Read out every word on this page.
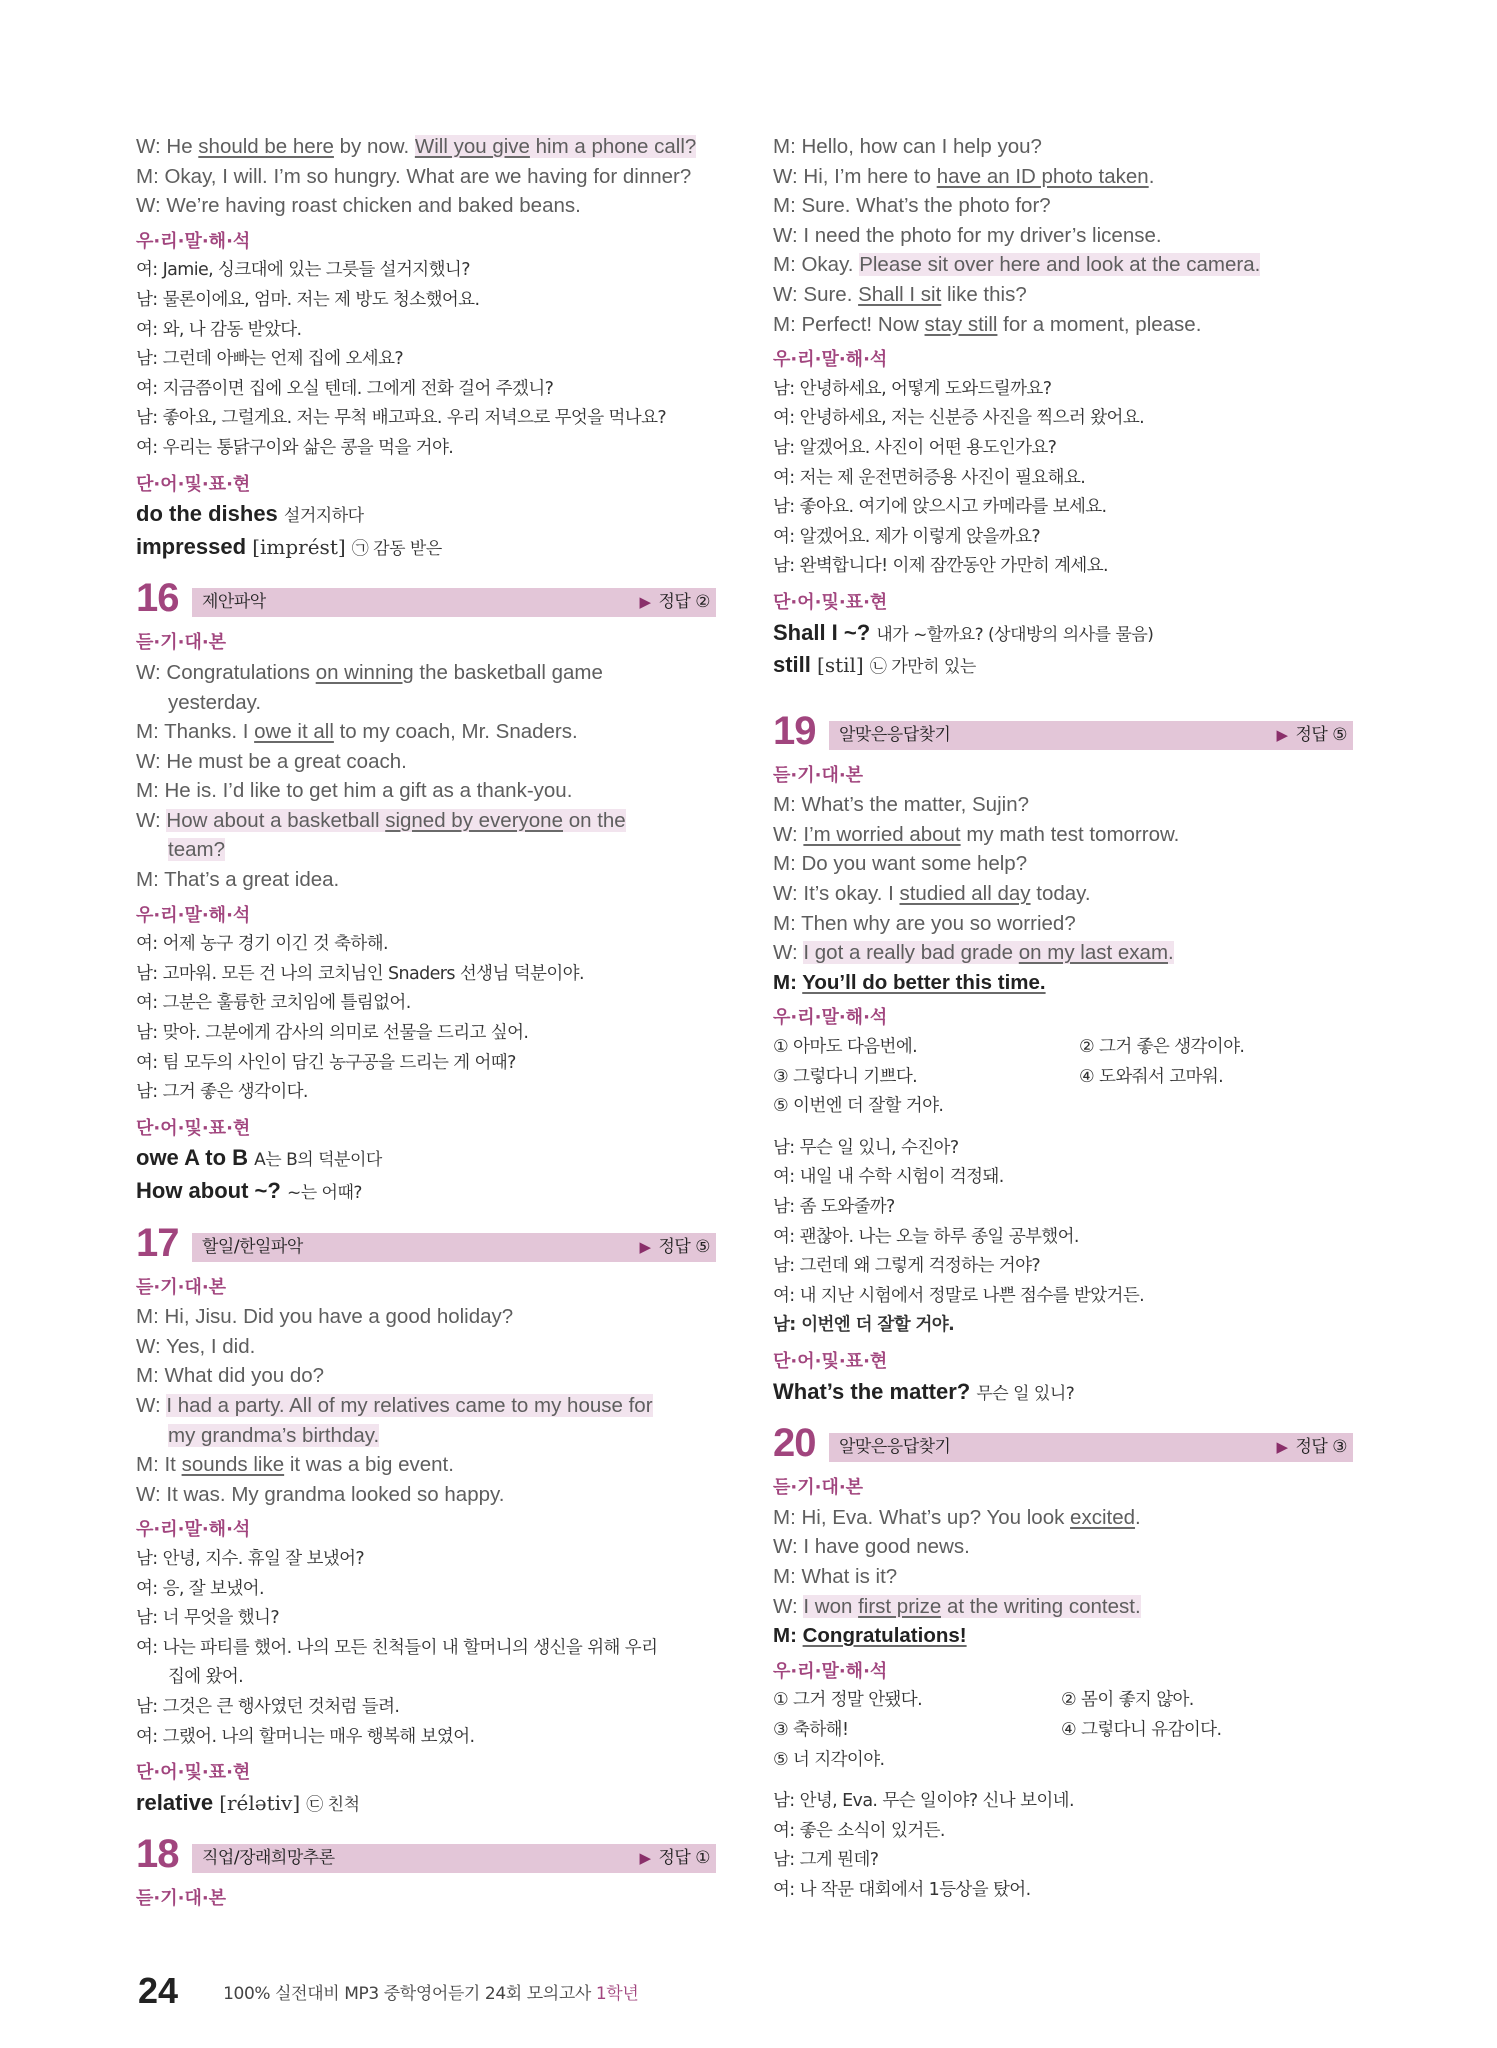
W: He should be here by now. Will you give him a phone call?
M: Okay, I will. I’m so hungry. What are we having for dinner?
W: We’re having roast chicken and baked beans.
우·리·말·해·석
여: Jamie, 싱크대에 있는 그릇들 설거지했니?
남: 물론이에요, 엄마. 저는 제 방도 청소했어요.
여: 와, 나 감동 받았다.
남: 그런데 아빠는 언제 집에 오세요?
여: 지금쯤이면 집에 오실 텐데. 그에게 전화 걸어 주겠니?
남: 좋아요, 그럴게요. 저는 무척 배고파요. 우리 저녁으로 무엇을 먹나요?
여: 우리는 통닭구이와 삶은 콩을 먹을 거야.
단·어·및·표·현
do the dishes 설거지하다
impressed [imprést] ㉠ 감동 받은
16 제안파악	▶ 정답 ②
듣·기·대·본
W: Congratulations on winning the basketball game
yesterday.
M: Thanks. I owe it all to my coach, Mr. Snaders.
W: He must be a great coach.
M: He is. I’d like to get him a gift as a thank-you.
W: How about a basketball signed by everyone on the
team?
M: That’s a great idea.
우·리·말·해·석
여: 어제 농구 경기 이긴 것 축하해.
남: 고마워. 모든 건 나의 코치님인 Snaders 선생님 덕분이야.
여: 그분은 훌륭한 코치임에 틀림없어.
남: 맞아. 그분에게 감사의 의미로 선물을 드리고 싶어.
여: 팀 모두의 사인이 담긴 농구공을 드리는 게 어때?
남: 그거 좋은 생각이다.
단·어·및·표·현
owe A to B A는 B의 덕분이다
How about ~? ~는 어때?
17 할일/한일파악	▶ 정답 ⑤
듣·기·대·본
M: Hi, Jisu. Did you have a good holiday?
W: Yes, I did.
M: What did you do?
W: I had a party. All of my relatives came to my house for
my grandma’s birthday.
M: It sounds like it was a big event.
W: It was. My grandma looked so happy.
우·리·말·해·석
남: 안녕, 지수. 휴일 잘 보냈어?
여: 응, 잘 보냈어.
남: 너 무엇을 했니?
여: 나는 파티를 했어. 나의 모든 친척들이 내 할머니의 생신을 위해 우리
집에 왔어.
남: 그것은 큰 행사였던 것처럼 들려.
여: 그랬어. 나의 할머니는 매우 행복해 보였어.
단·어·및·표·현
relative [rélətiv] ㉢ 친척
18 직업/장래희망추론	▶ 정답 ①
듣·기·대·본
M: Hello, how can I help you?
W: Hi, I’m here to have an ID photo taken.
M: Sure. What’s the photo for?
W: I need the photo for my driver’s license.
M: Okay. Please sit over here and look at the camera.
W: Sure. Shall I sit like this?
M: Perfect! Now stay still for a moment, please.
우·리·말·해·석
남: 안녕하세요, 어떻게 도와드릴까요?
여: 안녕하세요, 저는 신분증 사진을 찍으러 왔어요.
남: 알겠어요. 사진이 어떤 용도인가요?
여: 저는 제 운전면허증용 사진이 필요해요.
남: 좋아요. 여기에 앉으시고 카메라를 보세요.
여: 알겠어요. 제가 이렇게 앉을까요?
남: 완벽합니다! 이제 잠깐동안 가만히 계세요.
단·어·및·표·현
Shall I ~? 내가 ~할까요? (상대방의 의사를 물음)
still [stil] ㉡ 가만히 있는
19 알맞은응답찾기	▶ 정답 ⑤
듣·기·대·본
M: What’s the matter, Sujin?
W: I’m worried about my math test tomorrow.
M: Do you want some help?
W: It’s okay. I studied all day today.
M: Then why are you so worried?
W: I got a really bad grade on my last exam.
M: You’ll do better this time.
우·리·말·해·석
① 아마도 다음번에.	② 그거 좋은 생각이야.
③ 그렇다니 기쁘다.	④ 도와줘서 고마워.
⑤ 이번엔 더 잘할 거야.
남: 무슨 일 있니, 수진아?
여: 내일 내 수학 시험이 걱정돼.
남: 좀 도와줄까?
여: 괜찮아. 나는 오늘 하루 종일 공부했어.
남: 그런데 왜 그렇게 걱정하는 거야?
여: 내 지난 시험에서 정말로 나쁜 점수를 받았거든.
남: 이번엔 더 잘할 거야.
단·어·및·표·현
What’s the matter? 무슨 일 있니?
20 알맞은응답찾기	▶ 정답 ③
듣·기·대·본
M: Hi, Eva. What’s up? You look excited.
W: I have good news.
M: What is it?
W: I won first prize at the writing contest.
M: Congratulations!
우·리·말·해·석
① 그거 정말 안됐다.	② 몸이 좋지 않아.
③ 축하해!	④ 그렇다니 유감이다.
⑤ 너 지각이야.
남: 안녕, Eva. 무슨 일이야? 신나 보이네.
여: 좋은 소식이 있거든.
남: 그게 뭔데?
여: 나 작문 대회에서 1등상을 탔어.
24	100% 실전대비 MP3 중학영어듣기 24회 모의고사 1학년
